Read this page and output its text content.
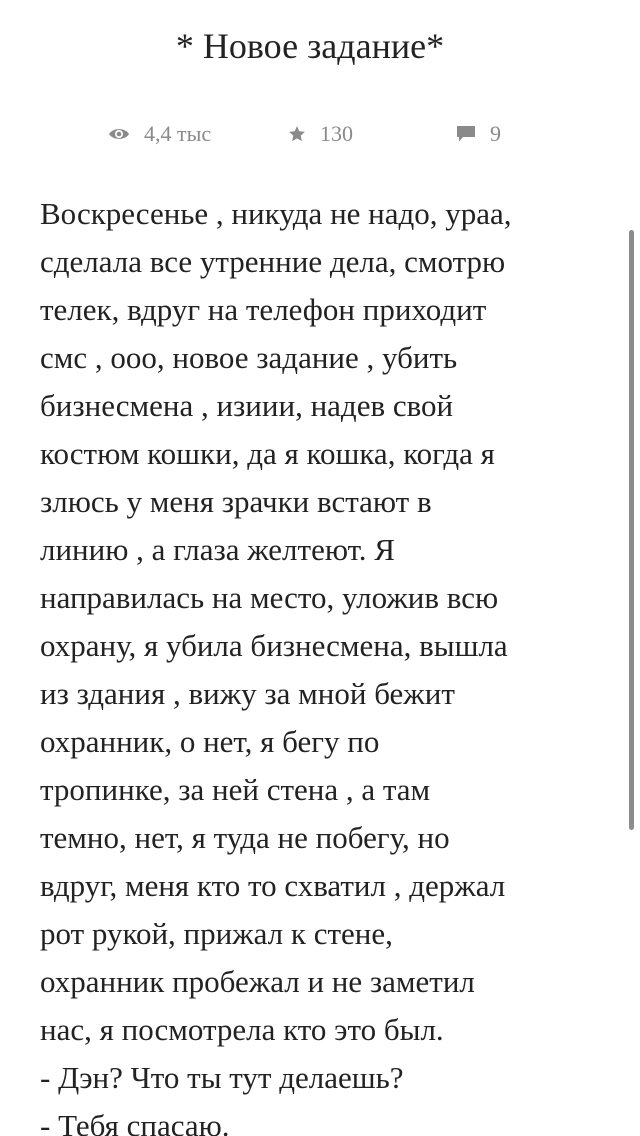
* Новое задание*
4,4 тыс	130	9
Воскресенье , никуда не надо, ураа,
сделала все утренние дела, смотрю
телек, вдруг на телефон приходит
смс , ооо, новое задание , убить
бизнесмена , изиии, надев свой
костюм кошки, да я кошка, когда я
злюсь у меня зрачки встают в
линию , а глаза желтеют. Я
направилась на место, уложив всю
охрану, я убила бизнесмена, вышла
из здания , вижу за мной бежит
охранник, о нет, я бегу по
тропинке, за ней стена , а там
темно, нет, я туда не побегу, но
вдруг, меня кто то схватил , держал
рот рукой, прижал к стене,
охранник пробежал и не заметил
нас, я посмотрела кто это был.
- Дэн? Что ты тут делаешь?
- Тебя спасаю.
